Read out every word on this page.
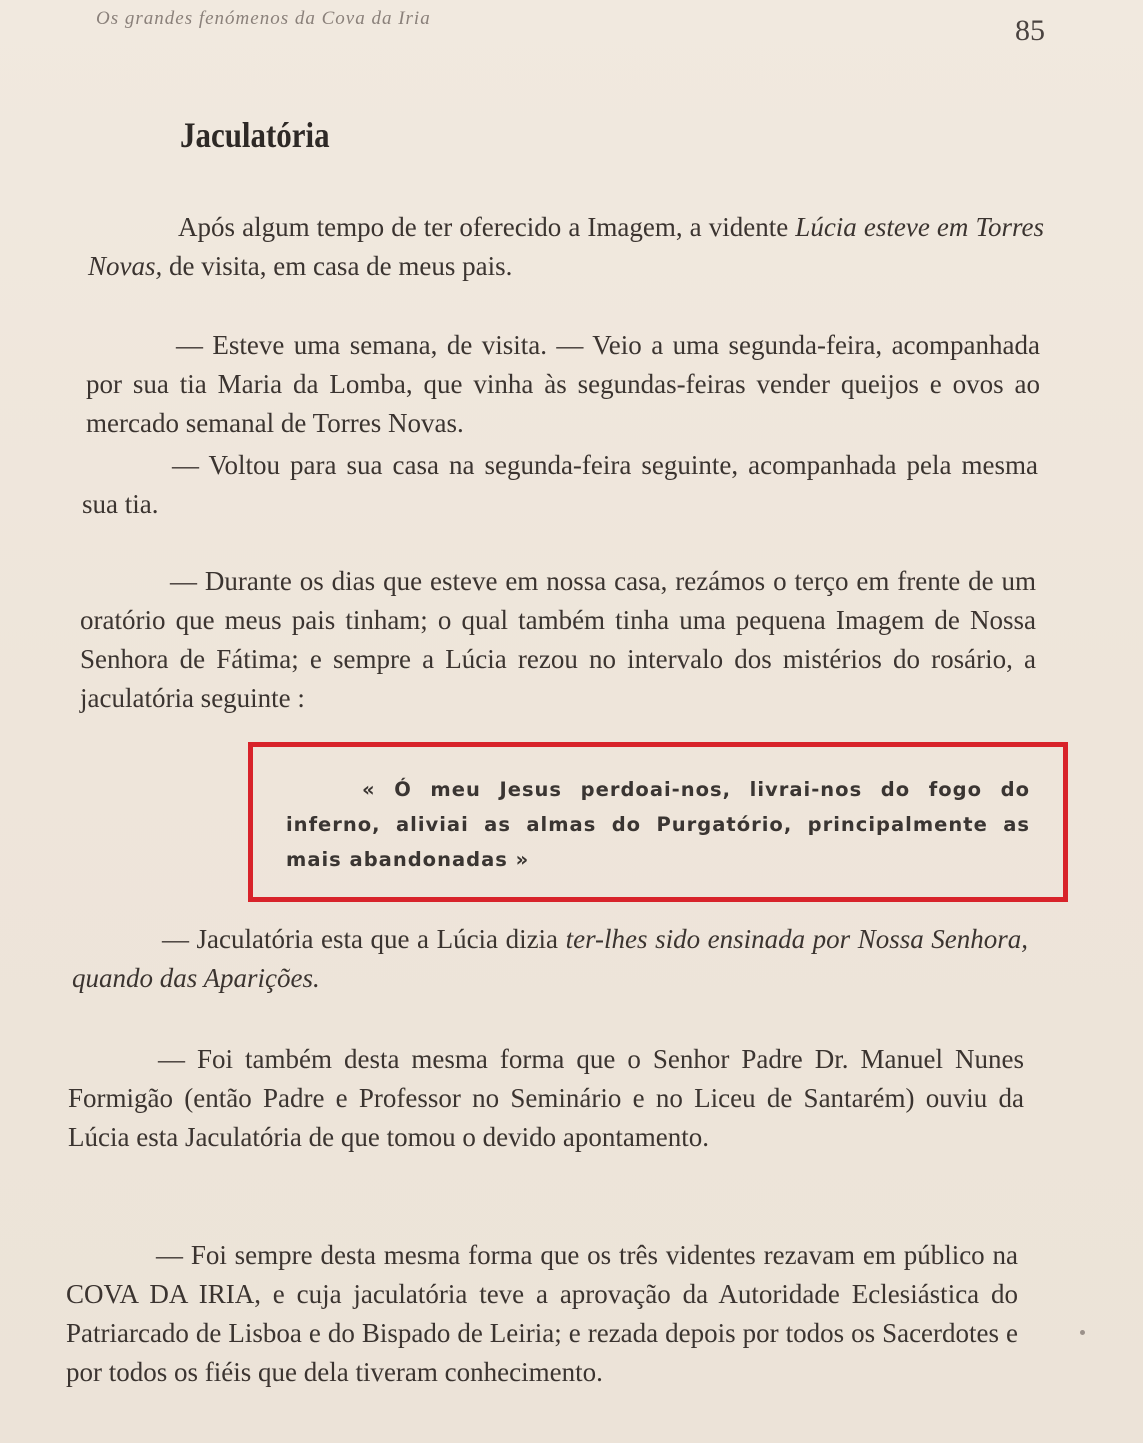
Os grandes fenómenos da Cova da Iria	85
Jaculatória

Após algum tempo de ter oferecido a Imagem, a vidente Lúcia esteve em Torres Novas, de visita, em casa de meus pais.

— Esteve uma semana, de visita. — Veio a uma segunda-feira, acompanhada por sua tia Maria da Lomba, que vinha às segundas-feiras vender queijos e ovos ao mercado semanal de Torres Novas.

— Voltou para sua casa na segunda-feira seguinte, acompanhada pela mesma sua tia.

— Durante os dias que esteve em nossa casa, rezámos o terço em frente de um oratório que meus pais tinham; o qual também tinha uma pequena Imagem de Nossa Senhora de Fátima; e sempre a Lúcia rezou no intervalo dos mistérios do rosário, a jaculatória seguinte :

« Ó meu Jesus perdoai-nos, livrai-nos do fogo do inferno, aliviai as almas do Purgatório, principalmente as mais abandonadas »

— Jaculatória esta que a Lúcia dizia ter-lhes sido ensinada por Nossa Senhora, quando das Aparições.

— Foi também desta mesma forma que o Senhor Padre Dr. Manuel Nunes Formigão (então Padre e Professor no Seminário e no Liceu de Santarém) ouviu da Lúcia esta Jaculatória de que tomou o devido apontamento.

— Foi sempre desta mesma forma que os três videntes rezavam em público na COVA DA IRIA, e cuja jaculatória teve a aprovação da Autoridade Eclesiástica do Patriarcado de Lisboa e do Bispado de Leiria; e rezada depois por todos os Sacerdotes e por todos os fiéis que dela tiveram conhecimento.
